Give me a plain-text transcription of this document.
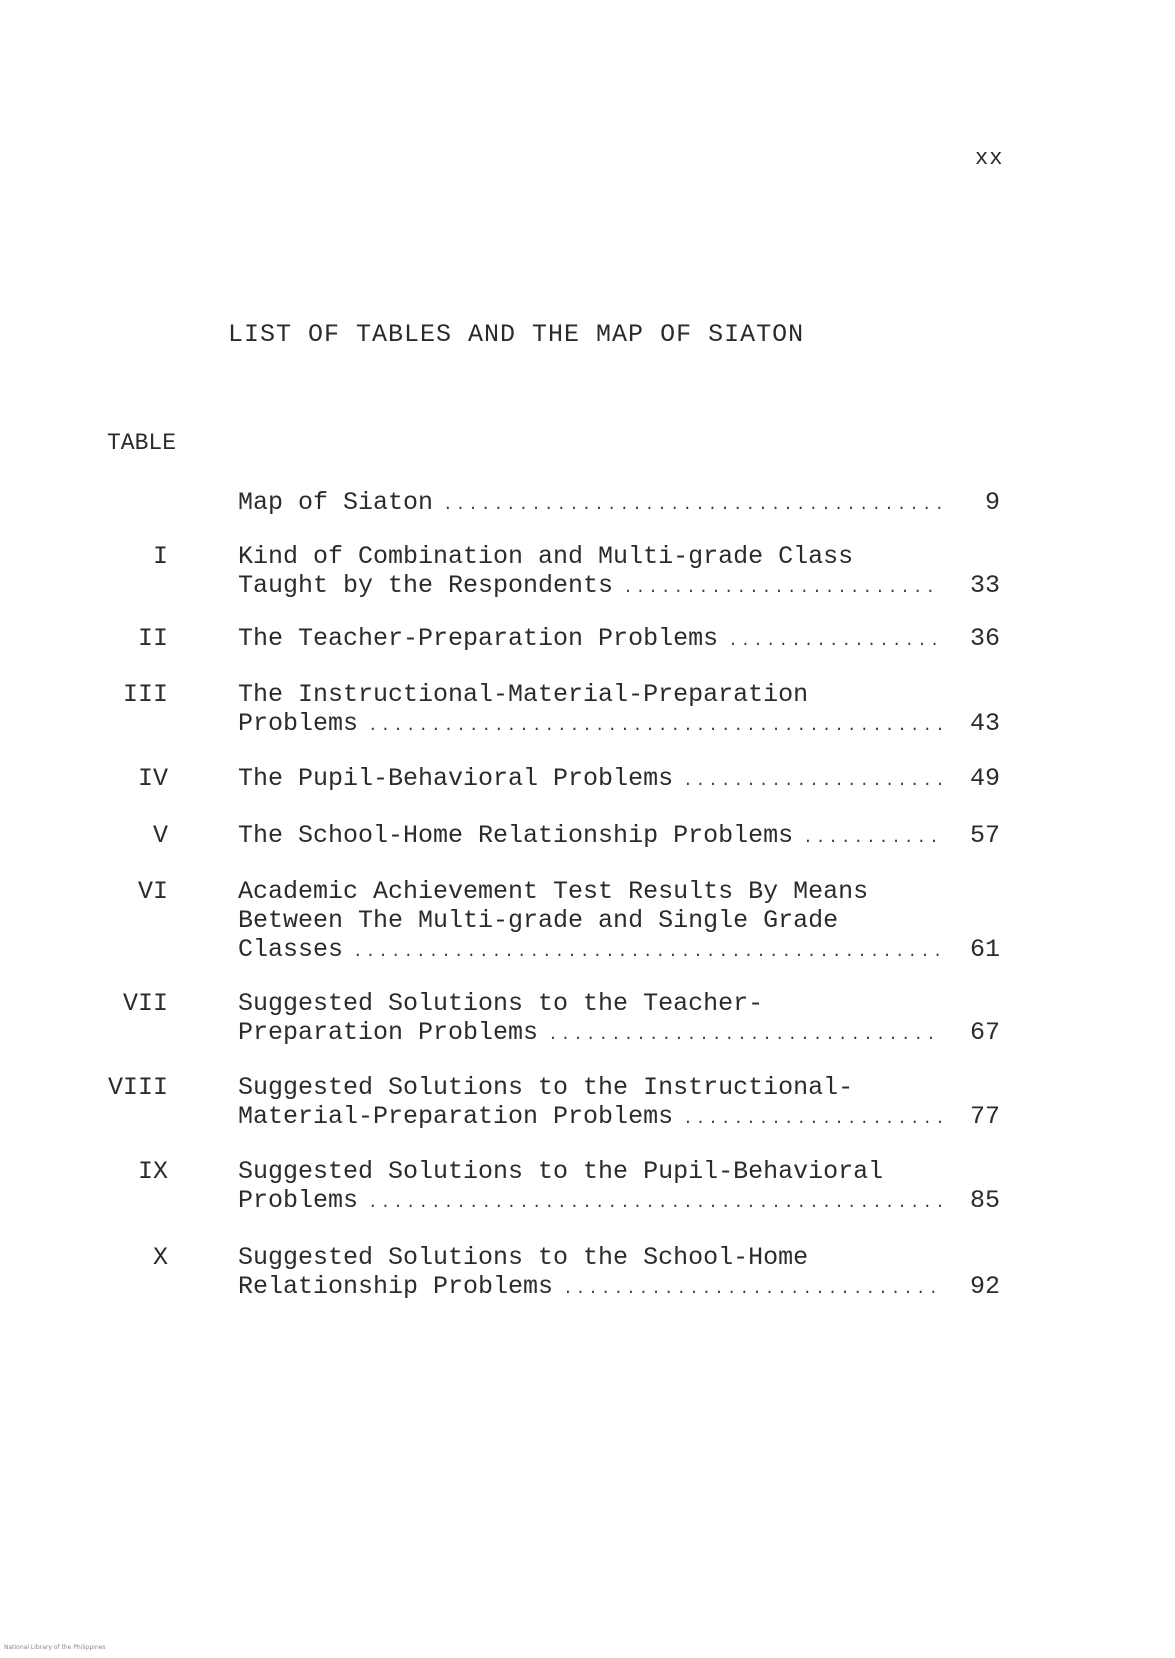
xx
LIST OF TABLES AND THE MAP OF SIATON
TABLE
Map of Siaton .....	9
I	Kind of Combination and Multi-grade Class
Taught by the Respondents .....	33
II	The Teacher-Preparation Problems .....	36
III	The Instructional-Material-Preparation
Problems .....	43
IV	The Pupil-Behavioral Problems .....	49
V	The School-Home Relationship Problems .....	57
VI	Academic Achievement Test Results By Means
Between The Multi-grade and Single Grade
Classes .....	61
VII	Suggested Solutions to the Teacher-
Preparation Problems .....	67
VIII	Suggested Solutions to the Instructional-
Material-Preparation Problems .....	77
IX	Suggested Solutions to the Pupil-Behavioral
Problems .....	85
X	Suggested Solutions to the School-Home
Relationship Problems .....	92
National Library of the Philippines
